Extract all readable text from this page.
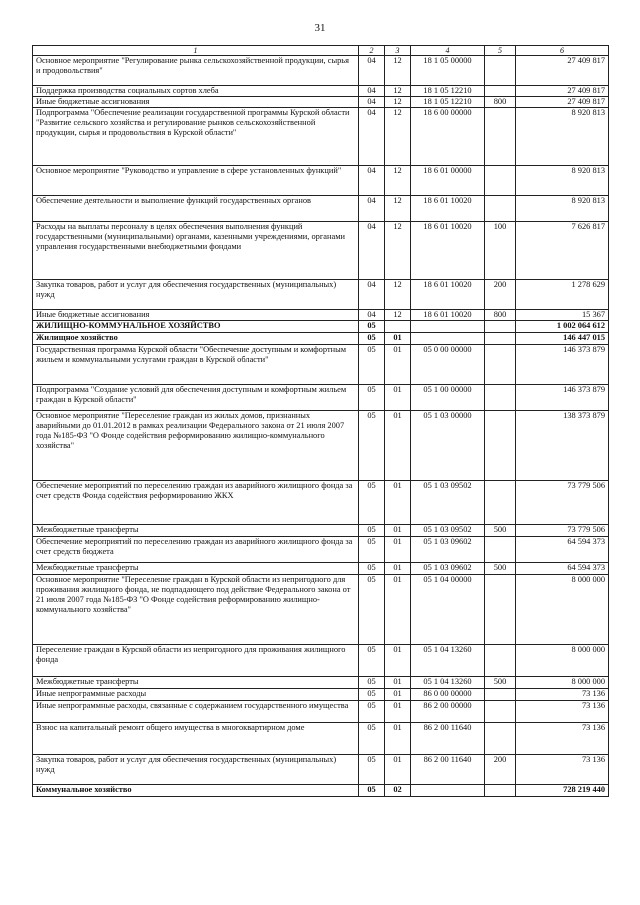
31
1	2	3	4	5	6
Основное мероприятие "Регулирование рынка сельскохозяйственной продукции, сырья и продовольствия"	04	12	18 1 05 00000		27 409 817
Поддержка производства социальных сортов хлеба	04	12	18 1 05 12210		27 409 817
Иные бюджетные ассигнования	04	12	18 1 05 12210	800	27 409 817
Подпрограмма "Обеспечение реализации государственной программы Курской области "Развитие сельского хозяйства и регулирование рынков сельскохозяйственной продукции, сырья и продовольствия в Курской области"	04	12	18 6 00 00000		8 920 813
Основное мероприятие "Руководство и управление в сфере установленных функций"	04	12	18 6 01 00000		8 920 813
Обеспечение деятельности и выполнение функций государственных органов	04	12	18 6 01 10020		8 920 813
Расходы на выплаты персоналу в целях обеспечения выполнения функций государственными (муниципальными) органами, казенными учреждениями, органами управления государственными внебюджетными фондами	04	12	18 6 01 10020	100	7 626 817
Закупка товаров, работ и услуг для обеспечения государственных (муниципальных) нужд	04	12	18 6 01 10020	200	1 278 629
Иные бюджетные ассигнования	04	12	18 6 01 10020	800	15 367
ЖИЛИЩНО-КОММУНАЛЬНОЕ ХОЗЯЙСТВО	05				1 002 064 612
Жилищное хозяйство	05	01			146 447 015
Государственная программа Курской области "Обеспечение доступным и комфортным жильем и коммунальными услугами граждан в Курской области"	05	01	05 0 00 00000		146 373 879
Подпрограмма "Создание условий для обеспечения доступным и комфортным жильем граждан в Курской области"	05	01	05 1 00 00000		146 373 879
Основное мероприятие "Переселение граждан из жилых домов, признанных аварийными до 01.01.2012 в рамках реализации Федерального закона от 21 июля 2007 года №185-ФЗ "О Фонде содействия реформированию жилищно-коммунального хозяйства"	05	01	05 1 03 00000		138 373 879
Обеспечение мероприятий по переселению граждан из аварийного жилищного фонда за счет средств Фонда содействия реформированию ЖКХ	05	01	05 1 03 09502		73 779 506
Межбюджетные трансферты	05	01	05 1 03 09502	500	73 779 506
Обеспечение мероприятий по переселению граждан из аварийного жилищного фонда за счет средств бюджета	05	01	05 1 03 09602		64 594 373
Межбюджетные трансферты	05	01	05 1 03 09602	500	64 594 373
Основное мероприятие "Переселение граждан в Курской области из непригодного для проживания жилищного фонда, не подпадающего под действие Федерального закона от 21 июля 2007 года №185-ФЗ "О Фонде содействия реформированию жилищно-коммунального хозяйства"	05	01	05 1 04 00000		8 000 000
Переселение граждан в Курской области из непригодного для проживания жилищного фонда	05	01	05 1 04 13260		8 000 000
Межбюджетные трансферты	05	01	05 1 04 13260	500	8 000 000
Иные непрограммные расходы	05	01	86 0 00 00000		73 136
Иные непрограммные расходы, связанные с содержанием государственного имущества	05	01	86 2 00 00000		73 136
Взнос на капитальный ремонт общего имущества в многоквартирном доме	05	01	86 2 00 11640		73 136
Закупка товаров, работ и услуг для обеспечения государственных (муниципальных) нужд	05	01	86 2 00 11640	200	73 136
Коммунальное хозяйство	05	02			728 219 440
